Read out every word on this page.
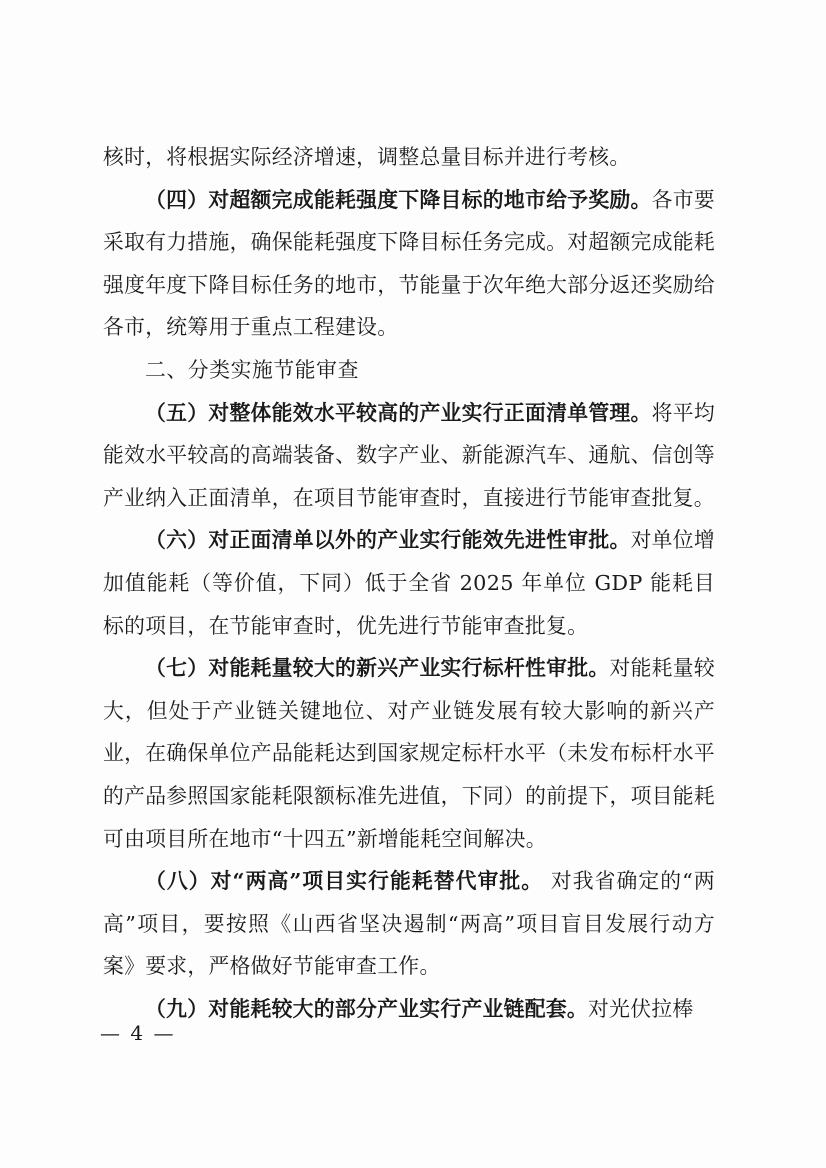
核时，将根据实际经济增速，调整总量目标并进行考核。

（四）对超额完成能耗强度下降目标的地市给予奖励。各市要采取有力措施，确保能耗强度下降目标任务完成。对超额完成能耗强度年度下降目标任务的地市，节能量于次年绝大部分返还奖励给各市，统筹用于重点工程建设。

二、分类实施节能审查

（五）对整体能效水平较高的产业实行正面清单管理。将平均能效水平较高的高端装备、数字产业、新能源汽车、通航、信创等产业纳入正面清单，在项目节能审查时，直接进行节能审查批复。

（六）对正面清单以外的产业实行能效先进性审批。对单位增加值能耗（等价值，下同）低于全省 2025 年单位 GDP 能耗目标的项目，在节能审查时，优先进行节能审查批复。

（七）对能耗量较大的新兴产业实行标杆性审批。对能耗量较大，但处于产业链关键地位、对产业链发展有较大影响的新兴产业，在确保单位产品能耗达到国家规定标杆水平（未发布标杆水平的产品参照国家能耗限额标准先进值，下同）的前提下，项目能耗可由项目所在地市“十四五”新增能耗空间解决。

（八）对“两高”项目实行能耗替代审批。 对我省确定的“两高”项目，要按照《山西省坚决遏制“两高”项目盲目发展行动方案》要求，严格做好节能审查工作。

（九）对能耗较大的部分产业实行产业链配套。对光伏拉棒

— 4 —
